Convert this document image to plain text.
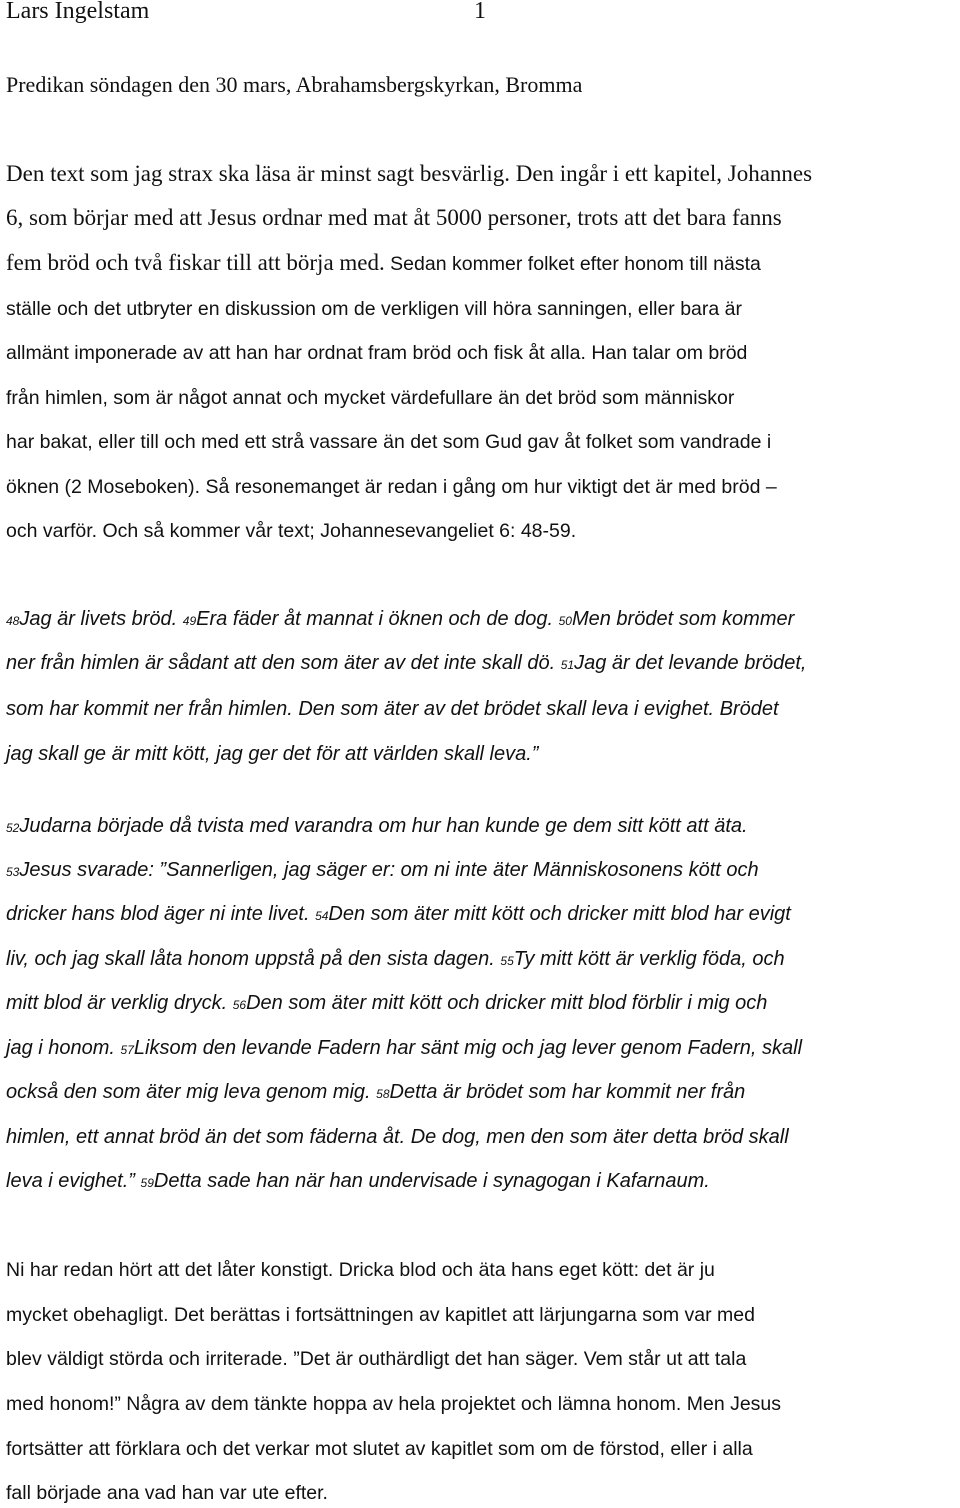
Lars Ingelstam	1
Predikan söndagen den 30 mars, Abrahamsbergskyrkan, Bromma
Den text som jag strax ska läsa är minst sagt besvärlig. Den ingår i ett kapitel, Johannes
6, som börjar med att Jesus ordnar med mat åt 5000 personer, trots att det bara fanns
fem bröd och två fiskar till att börja med. Sedan kommer folket efter honom till nästa
ställe och det utbryter en diskussion om de verkligen vill höra sanningen, eller bara är
allmänt imponerade av att han har ordnat fram bröd och fisk åt alla. Han talar om bröd
från himlen, som är något annat och mycket värdefullare än det bröd som människor
har bakat, eller till och med ett strå vassare än det som Gud gav åt folket som vandrade i
öknen (2 Moseboken). Så resonemanget är redan i gång om hur viktigt det är med bröd –
och varför. Och så kommer vår text; Johannesevangeliet 6: 48-59.
48Jag är livets bröd. 49Era fäder åt mannat i öknen och de dog. 50Men brödet som kommer
ner från himlen är sådant att den som äter av det inte skall dö. 51Jag är det levande brödet,
som har kommit ner från himlen. Den som äter av det brödet skall leva i evighet. Brödet
jag skall ge är mitt kött, jag ger det för att världen skall leva.”
52Judarna började då tvista med varandra om hur han kunde ge dem sitt kött att äta.
53Jesus svarade: ”Sannerligen, jag säger er: om ni inte äter Människosonens kött och
dricker hans blod äger ni inte livet. 54Den som äter mitt kött och dricker mitt blod har evigt
liv, och jag skall låta honom uppstå på den sista dagen. 55Ty mitt kött är verklig föda, och
mitt blod är verklig dryck. 56Den som äter mitt kött och dricker mitt blod förblir i mig och
jag i honom. 57Liksom den levande Fadern har sänt mig och jag lever genom Fadern, skall
också den som äter mig leva genom mig. 58Detta är brödet som har kommit ner från
himlen, ett annat bröd än det som fäderna åt. De dog, men den som äter detta bröd skall
leva i evighet.” 59Detta sade han när han undervisade i synagogan i Kafarnaum.
Ni har redan hört att det låter konstigt. Dricka blod och äta hans eget kött: det är ju
mycket obehagligt. Det berättas i fortsättningen av kapitlet att lärjungarna som var med
blev väldigt störda och irriterade. ”Det är outhärdligt det han säger. Vem står ut att tala
med honom!” Några av dem tänkte hoppa av hela projektet och lämna honom. Men Jesus
fortsätter att förklara och det verkar mot slutet av kapitlet som om de förstod, eller i alla
fall började ana vad han var ute efter.
